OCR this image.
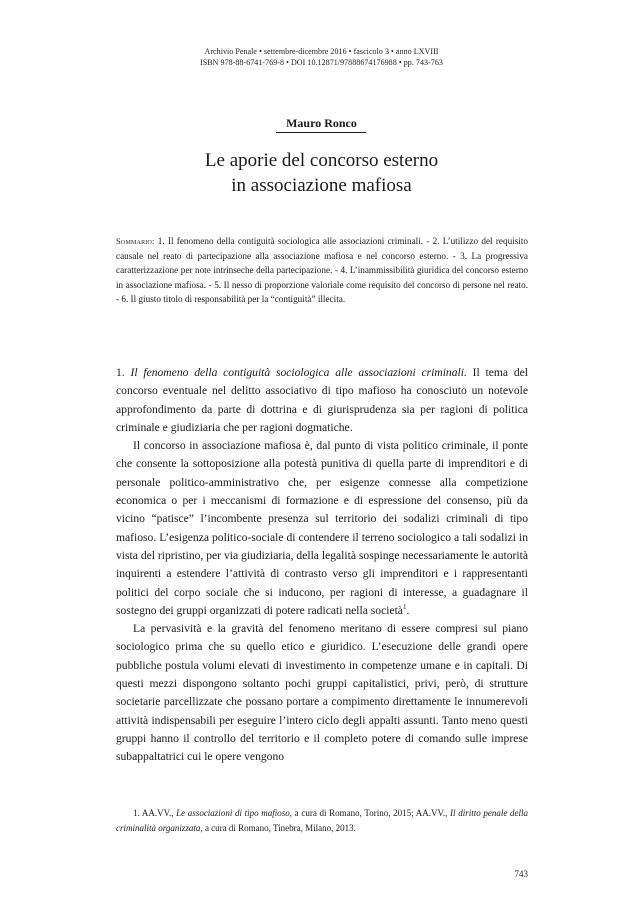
Archivio Penale • settembre-dicembre 2016 • fascicolo 3 • anno LXVIII
ISBN 978-88-6741-769-8 • DOI 10.12871/97888674176988 • pp. 743-763
Mauro Ronco
Le aporie del concorso esterno
in associazione mafiosa
Sommario: 1. Il fenomeno della contiguità sociologica alle associazioni criminali. - 2. L’utilizzo del requisito causale nel reato di partecipazione alla associazione mafiosa e nel concorso esterno. - 3. La progressiva caratterizzazione per note intrinseche della partecipazione. - 4. L’inammissibilità giuridica del concorso esterno in associazione mafiosa. - 5. Il nesso di proporzione valoriale come requisito del concorso di persone nel reato. - 6. Il giusto titolo di responsabilità per la “contiguità” illecita.

1. Il fenomeno della contiguità sociologica alle associazioni criminali. Il tema del concorso eventuale nel delitto associativo di tipo mafioso ha conosciuto un notevole approfondimento da parte di dottrina e di giurisprudenza sia per ragioni di politica criminale e giudiziaria che per ragioni dogmatiche.

Il concorso in associazione mafiosa è, dal punto di vista politico criminale, il ponte che consente la sottoposizione alla potestà punitiva di quella parte di imprenditori e di personale politico-amministrativo che, per esigenze connesse alla competizione economica o per i meccanismi di formazione e di espressione del consenso, più da vicino “patisce” l’incombente presenza sul territorio dei sodalizi criminali di tipo mafioso. L’esigenza politico-sociale di contendere il terreno sociologico a tali sodalizi in vista del ripristino, per via giudiziaria, della legalità sospinge necessariamente le autorità inquirenti a estendere l’attività di contrasto verso gli imprenditori e i rappresentanti politici del corpo sociale che si inducono, per ragioni di interesse, a guadagnare il sostegno dei gruppi organizzati di potere radicati nella società$^1$.

La pervasività e la gravità del fenomeno meritano di essere compresi sul piano sociologico prima che su quello etico e giuridico. L’esecuzione delle grandi opere pubbliche postula volumi elevati di investimento in competenze umane e in capitali. Di questi mezzi dispongono soltanto pochi gruppi capitalistici, privi, però, di strutture societarie parcellizzate che possano portare a compimento direttamente le innumerevoli attività indispensabili per eseguire l’intero ciclo degli appalti assunti. Tanto meno questi gruppi hanno il controllo del territorio e il completo potere di comando sulle imprese subappaltatrici cui le opere vengono

1. AA.VV., Le associazioni di tipo mafioso, a cura di Romano, Torino, 2015; AA.VV., Il diritto penale della criminalità organizzata, a cura di Romano, Tinebra, Milano, 2013.

743
